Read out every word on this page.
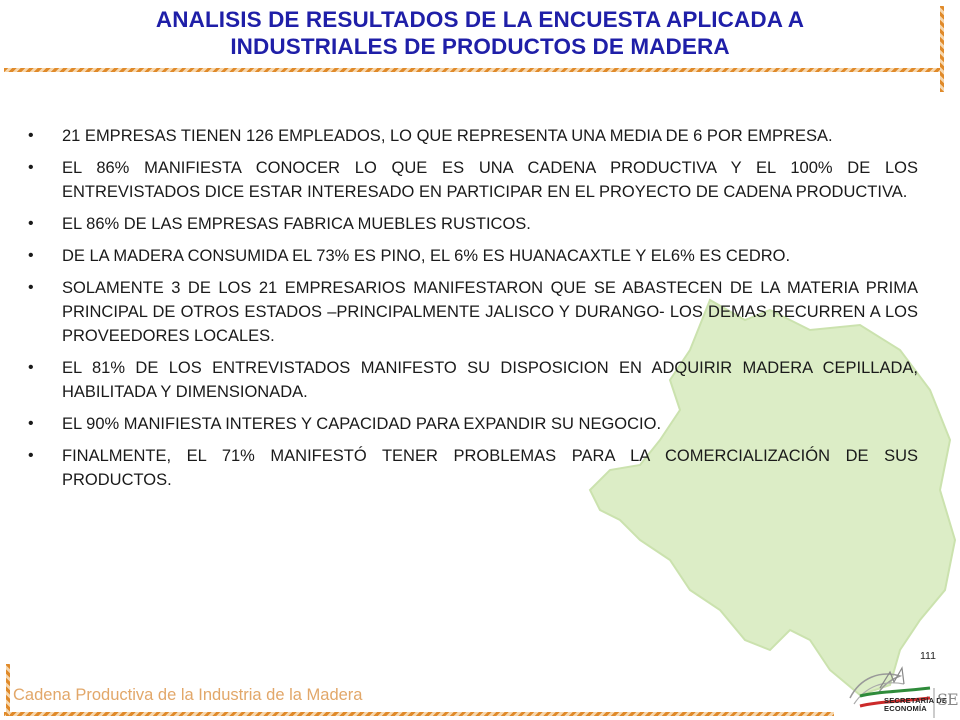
ANALISIS DE RESULTADOS DE LA ENCUESTA APLICADA A
INDUSTRIALES DE PRODUCTOS DE MADERA
• 21 EMPRESAS TIENEN 126 EMPLEADOS, LO QUE REPRESENTA UNA MEDIA DE 6 POR EMPRESA.
• EL 86% MANIFIESTA CONOCER LO QUE ES UNA CADENA PRODUCTIVA Y EL 100% DE LOS ENTREVISTADOS DICE ESTAR INTERESADO EN PARTICIPAR EN EL PROYECTO DE CADENA PRODUCTIVA.
• EL 86% DE LAS EMPRESAS FABRICA MUEBLES RUSTICOS.
• DE LA MADERA CONSUMIDA EL 73% ES PINO, EL 6% ES HUANACAXTLE Y EL6% ES CEDRO.
• SOLAMENTE 3 DE LOS 21 EMPRESARIOS MANIFESTARON QUE SE ABASTECEN DE LA MATERIA PRIMA PRINCIPAL DE OTROS ESTADOS –PRINCIPALMENTE JALISCO Y DURANGO- LOS DEMAS RECURREN A LOS PROVEEDORES LOCALES.
• EL 81% DE LOS ENTREVISTADOS MANIFESTO SU DISPOSICION EN ADQUIRIR MADERA CEPILLADA, HABILITADA Y DIMENSIONADA.
• EL 90% MANIFIESTA INTERES Y CAPACIDAD PARA EXPANDIR SU NEGOCIO.
• FINALMENTE, EL 71% MANIFESTÓ TENER PROBLEMAS PARA LA COMERCIALIZACIÓN DE SUS PRODUCTOS.
111
Cadena Productiva de la Industria de la Madera	SECRETARÍA DE
ECONOMÍA SE
